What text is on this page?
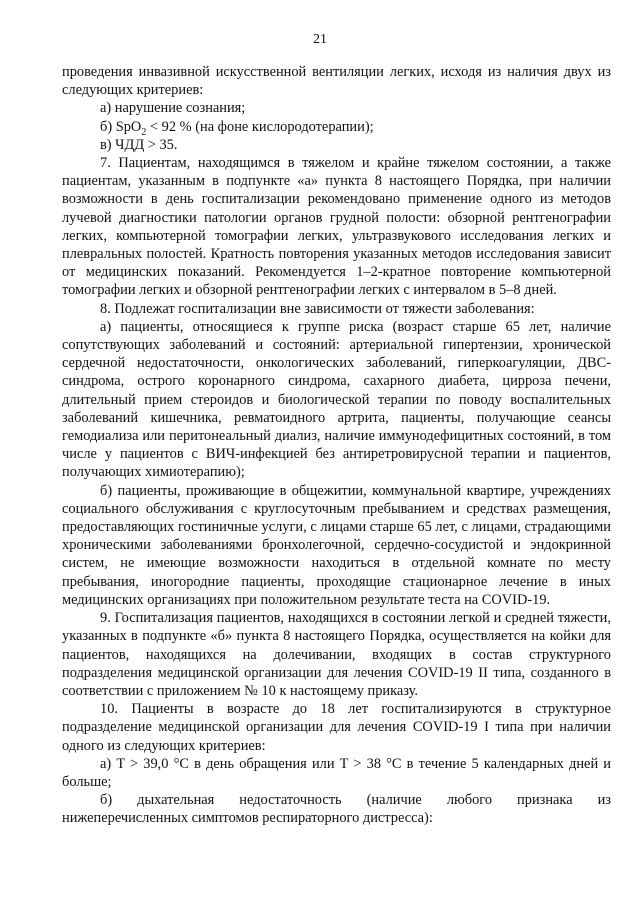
21

проведения инвазивной искусственной вентиляции легких, исходя из наличия двух из следующих критериев:

а) нарушение сознания;

б) SpO$_2$ < 92 % (на фоне кислородотерапии);

в) ЧДД > 35.

7. Пациентам, находящимся в тяжелом и крайне тяжелом состоянии, а также пациентам, указанным в подпункте «а» пункта 8 настоящего Порядка, при наличии возможности в день госпитализации рекомендовано применение одного из методов лучевой диагностики патологии органов грудной полости: обзорной рентгенографии легких, компьютерной томографии легких, ультразвукового исследования легких и плевральных полостей. Кратность повторения указанных методов исследования зависит от медицинских показаний. Рекомендуется 1–2-кратное повторение компьютерной томографии легких и обзорной рентгенографии легких с интервалом в 5–8 дней.

8. Подлежат госпитализации вне зависимости от тяжести заболевания:

а) пациенты, относящиеся к группе риска (возраст старше 65 лет, наличие сопутствующих заболеваний и состояний: артериальной гипертензии, хронической сердечной недостаточности, онкологических заболеваний, гиперкоагуляции, ДВС-синдрома, острого коронарного синдрома, сахарного диабета, цирроза печени, длительный прием стероидов и биологической терапии по поводу воспалительных заболеваний кишечника, ревматоидного артрита, пациенты, получающие сеансы гемодиализа или перитонеальный диализ, наличие иммунодефицитных состояний, в том числе у пациентов с ВИЧ-инфекцией без антиретровирусной терапии и пациентов, получающих химиотерапию);

б) пациенты, проживающие в общежитии, коммунальной квартире, учреждениях социального обслуживания с круглосуточным пребыванием и средствах размещения, предоставляющих гостиничные услуги, с лицами старше 65 лет, с лицами, страдающими хроническими заболеваниями бронхолегочной, сердечно-сосудистой и эндокринной систем, не имеющие возможности находиться в отдельной комнате по месту пребывания, иногородние пациенты, проходящие стационарное лечение в иных медицинских организациях при положительном результате теста на COVID-19.

9. Госпитализация пациентов, находящихся в состоянии легкой и средней тяжести, указанных в подпункте «б» пункта 8 настоящего Порядка, осуществляется на койки для пациентов, находящихся на долечивании, входящих в состав структурного подразделения медицинской организации для лечения COVID-19 II типа, созданного в соответствии с приложением № 10 к настоящему приказу.

10. Пациенты в возрасте до 18 лет госпитализируются в структурное подразделение медицинской организации для лечения COVID-19 I типа при наличии одного из следующих критериев:

а) T > 39,0 °C в день обращения или T > 38 °C в течение 5 календарных дней и больше;

б) дыхательная недостаточность (наличие любого признака из нижеперечисленных симптомов респираторного дистресса):
